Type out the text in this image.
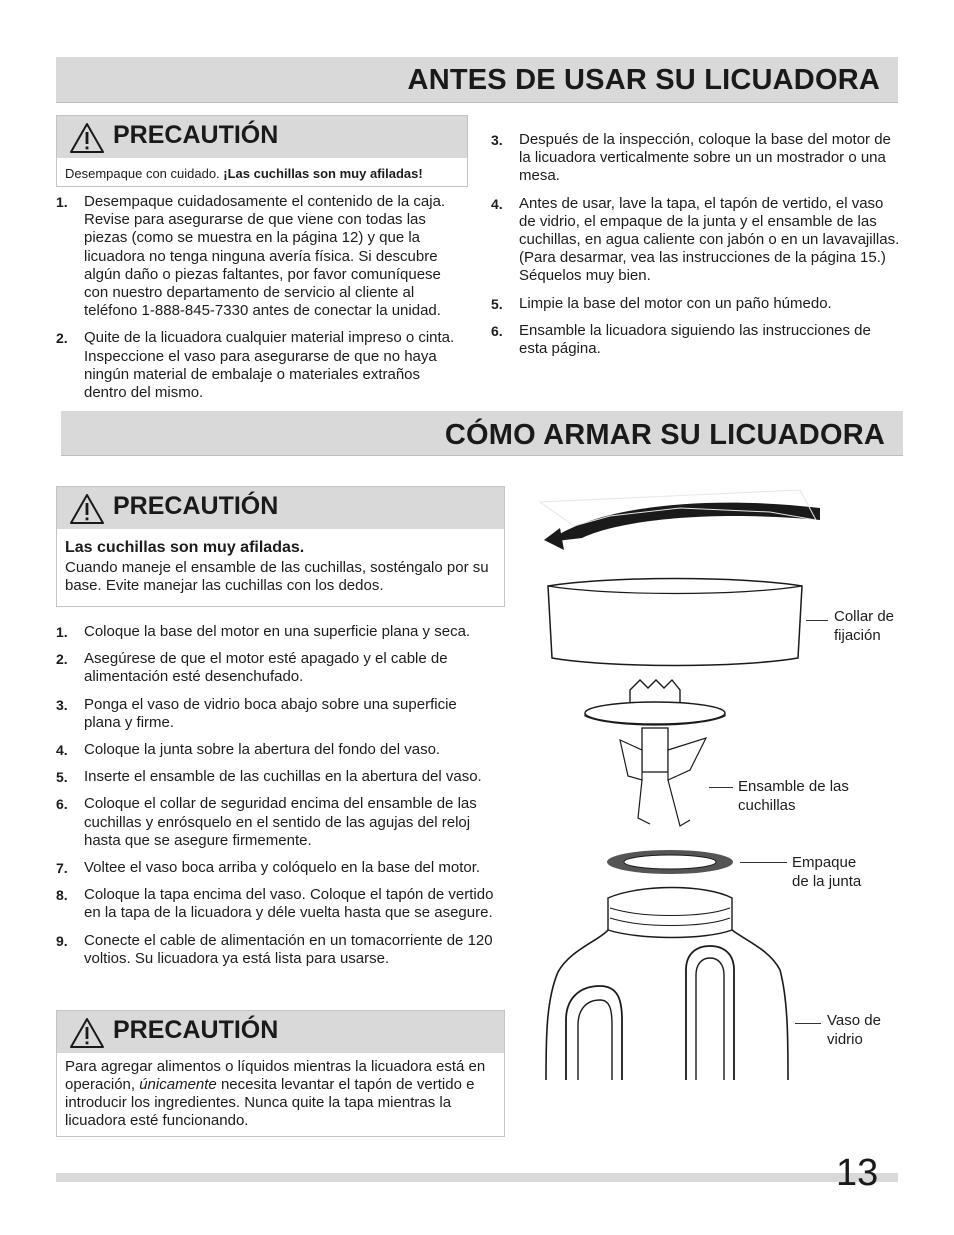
ANTES DE USAR SU LICUADORA
PRECAUTIÓN
Desempaque con cuidado. ¡Las cuchillas son muy afiladas!
1. Desempaque cuidadosamente el contenido de la caja. Revise para asegurarse de que viene con todas las piezas (como se muestra en la página 12) y que la licuadora no tenga ninguna avería física. Si descubre algún daño o piezas faltantes, por favor comuníquese con nuestro departamento de servicio al cliente al teléfono 1-888-845-7330 antes de conectar la unidad.
2. Quite de la licuadora cualquier material impreso o cinta. Inspeccione el vaso para asegurarse de que no haya ningún material de embalaje o materiales extraños dentro del mismo.
3. Después de la inspección, coloque la base del motor de la licuadora verticalmente sobre un un mostrador o una mesa.
4. Antes de usar, lave la tapa, el tapón de vertido, el vaso de vidrio, el empaque de la junta y el ensamble de las cuchillas, en agua caliente con jabón o en un lavavajillas. (Para desarmar, vea las instrucciones de la página 15.) Séquelos muy bien.
5. Limpie la base del motor con un paño húmedo.
6. Ensamble la licuadora siguiendo las instrucciones de esta página.
CÓMO ARMAR SU LICUADORA
PRECAUTIÓN
Las cuchillas son muy afiladas.
Cuando maneje el ensamble de las cuchillas, sosténgalo por su base. Evite manejar las cuchillas con los dedos.
1. Coloque la base del motor en una superficie plana y seca.
2. Asegúrese de que el motor esté apagado y el cable de alimentación esté desenchufado.
3. Ponga el vaso de vidrio boca abajo sobre una superficie plana y firme.
4. Coloque la junta sobre la abertura del fondo del vaso.
5. Inserte el ensamble de las cuchillas en la abertura del vaso.
6. Coloque el collar de seguridad encima del ensamble de las cuchillas y enrósquelo en el sentido de las agujas del reloj hasta que se asegure firmemente.
7. Voltee el vaso boca arriba y colóquelo en la base del motor.
8. Coloque la tapa encima del vaso. Coloque el tapón de vertido en la tapa de la licuadora y déle vuelta hasta que se asegure.
9. Conecte el cable de alimentación en un tomacorriente de 120 voltios. Su licuadora ya está lista para usarse.
PRECAUTIÓN
Para agregar alimentos o líquidos mientras la licuadora está en operación, únicamente necesita levantar el tapón de vertido e introducir los ingredientes. Nunca quite la tapa mientras la licuadora esté funcionando.
Collar de
fijación
Ensamble de las
cuchillas
Empaque
de la junta
Vaso de
vidrio
13
